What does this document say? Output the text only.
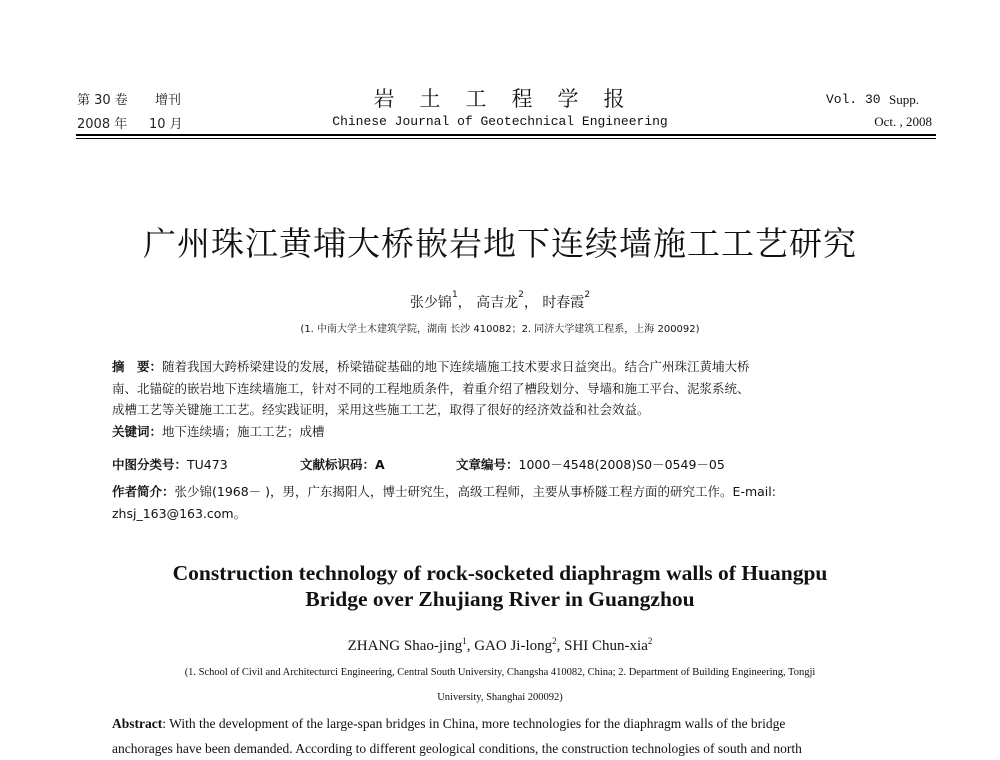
第 30 卷 增刊
2008 年 10 月
岩　土　工　程　学　报
Chinese Journal of Geotechnical Engineering
Vol. 30 Supp.
Oct. , 2008
广州珠江黄埔大桥嵌岩地下连续墙施工工艺研究
张少锦$^1$， 高吉龙$^2$， 时春霞$^2$
(1. 中南大学土木建筑学院，湖南 长沙 410082；2. 同济大学建筑工程系，上海 200092)
摘　要：随着我国大跨桥梁建设的发展，桥梁锚碇基础的地下连续墙施工技术要求日益突出。结合广州珠江黄埔大桥
南、北锚碇的嵌岩地下连续墙施工，针对不同的工程地质条件，着重介绍了槽段划分、导墙和施工平台、泥浆系统、
成槽工艺等关键施工工艺。经实践证明，采用这些施工工艺，取得了很好的经济效益和社会效益。
关键词：地下连续墙；施工工艺；成槽
中图分类号：TU473	文献标识码：A	文章编号：1000－4548(2008)S0－0549－05
作者简介：张少锦(1968－ )，男，广东揭阳人，博士研究生，高级工程师，主要从事桥隧工程方面的研究工作。E-mail:
zhsj_163@163.com。
Construction technology of rock-socketed diaphragm walls of Huangpu
Bridge over Zhujiang River in Guangzhou
ZHANG Shao-jing$^1$, GAO Ji-long$^2$, SHI Chun-xia$^2$
(1. School of Civil and Architecturci Engineering, Central South University, Changsha 410082, China; 2. Department of Building Engineering, Tongji
University, Shanghai 200092)
Abstract: With the development of the large-span bridges in China, more technologies for the diaphragm walls of the bridge
anchorages have been demanded. According to different geological conditions, the construction technologies of south and north
